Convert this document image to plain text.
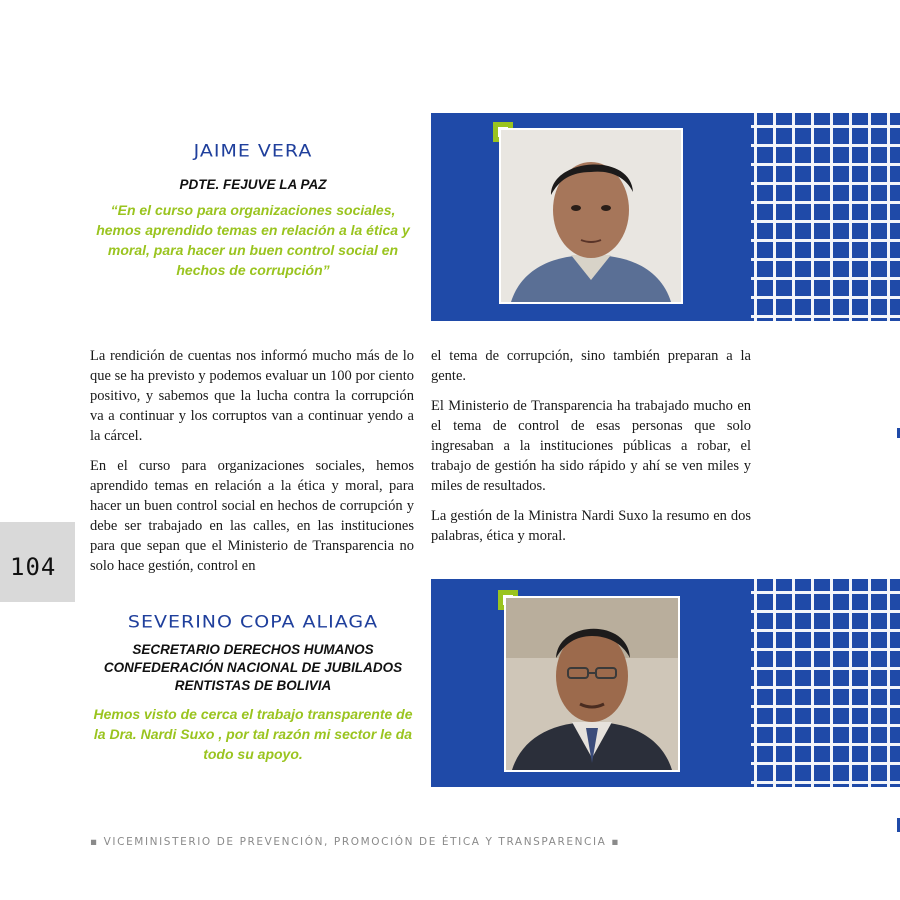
JAIME VERA
PDTE. FEJUVE LA PAZ
“En el curso para organizaciones sociales, hemos aprendido temas en relación a la ética y moral, para hacer un buen control social en hechos de corrupción”

La rendición de cuentas nos informó mucho más de lo que se ha previsto y podemos evaluar un 100 por ciento positivo, y sabemos que la lucha contra la corrupción va a continuar y los corruptos van a continuar yendo a la cárcel.

En el curso para organizaciones sociales, hemos aprendido temas en relación a la ética y moral, para hacer un buen control social en hechos de corrupción y debe ser trabajado en las calles, en las instituciones para que sepan que el Ministerio de Transparencia no solo hace gestión, control en

el tema de corrupción, sino también preparan a la gente.

El Ministerio de Transparencia ha trabajado mucho en el tema de control de esas personas que solo ingresaban a la instituciones públicas a robar, el trabajo de gestión ha sido rápido y ahí se ven miles y miles de resultados.

La gestión de la Ministra Nardi Suxo la resumo en dos palabras, ética y moral.

104
SEVERINO COPA ALIAGA
SECRETARIO DERECHOS HUMANOS
CONFEDERACIÓN NACIONAL DE JUBILADOS
RENTISTAS DE BOLIVIA
Hemos visto de cerca el trabajo transparente de la Dra. Nardi Suxo , por tal razón mi sector le da todo su apoyo.
▪ VICEMINISTERIO DE PREVENCIÓN, PROMOCIÓN DE ÉTICA Y TRANSPARENCIA ▪
